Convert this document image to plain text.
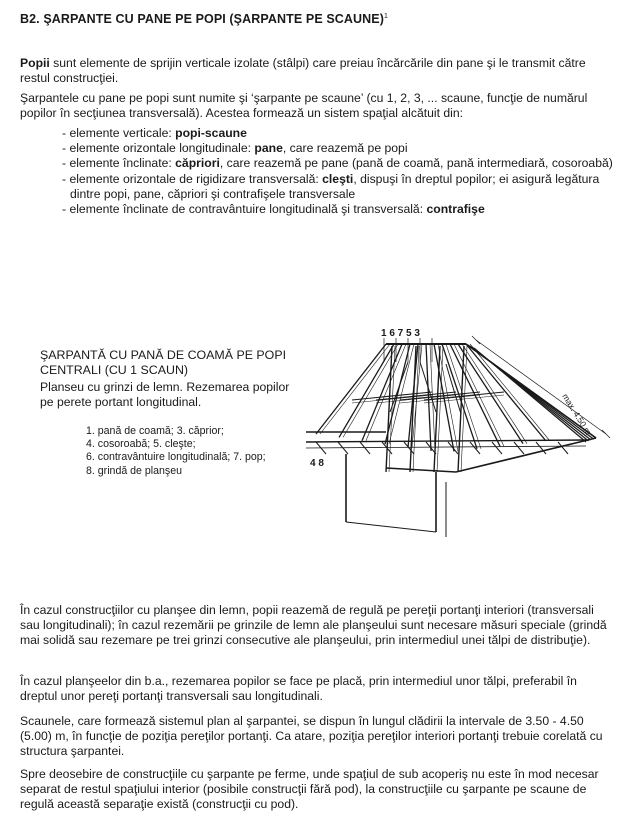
B2. ŞARPANTE CU PANE PE POPI (ŞARPANTE PE SCAUNE)$^1$

Popii sunt elemente de sprijin verticale izolate (stâlpi) care preiau încărcările din pane şi le transmit către restul construcţiei.

Şarpantele cu pane pe popi sunt numite şi ‘şarpante pe scaune’ (cu 1, 2, 3, ... scaune, funcţie de numărul popilor în secţiunea transversală). Acestea formează un sistem spaţial alcătuit din:

- elemente verticale: popi-scaune
- elemente orizontale longitudinale: pane, care reazemă pe popi
- elemente înclinate: căpriori, care reazemă pe pane (pană de coamă, pană intermediară, cosoroabă)
- elemente orizontale de rigidizare transversală: cleşti, dispuşi în dreptul popilor; ei asigură legătura dintre popi, pane, căpriori şi contrafişele transversale
- elemente înclinate de contravântuire longitudinală şi transversală: contrafişe
ŞARPANTĂ CU PANĂ DE COAMĂ PE POPI CENTRALI (CU 1 SCAUN)
Planseu cu grinzi de lemn. Rezemarea popilor pe perete portant longitudinal.
1. pană de coamă; 3. căprior;
4. cosoroabă; 5. cleşte;
6. contravântuire longitudinală; 7. pop;
8. grindă de planşeu
1 6 7 5 3
4 8
max. 4.50 m

În cazul construcţiilor cu planşee din lemn, popii reazemă de regulă pe pereţii portanţi interiori (transversali sau longitudinali); în cazul rezemării pe grinzile de lemn ale planşeului sunt necesare măsuri speciale (grindă mai solidă sau rezemare pe trei grinzi consecutive ale planşeului, prin intermediul unei tălpi de distribuţie).

În cazul planşeelor din b.a., rezemarea popilor se face pe placă, prin intermediul unor tălpi, preferabil în dreptul unor pereţi portanţi transversali sau longitudinali.

Scaunele, care formează sistemul plan al şarpantei, se dispun în lungul clădirii la intervale de 3.50 - 4.50 (5.00) m, în funcţie de poziţia pereţilor portanţi. Ca atare, poziţia pereţilor interiori portanţi trebuie corelată cu structura şarpantei.

Spre deosebire de construcţiile cu şarpante pe ferme, unde spaţiul de sub acoperiş nu este în mod necesar separat de restul spaţiului interior (posibile construcţii fără pod), la construcţiile cu şarpante pe scaune de regulă această separaţie există (construcţii cu pod).
